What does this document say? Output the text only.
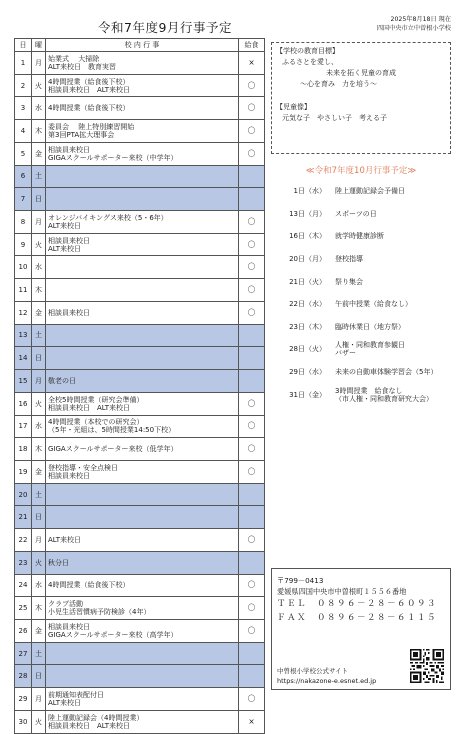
令和7年度9月行事予定
2025年8月18日 現在
四国中央市立中曽根小学校
日	曜	校 内 行 事	給食
1	月	始業式　 大掃除
ALT来校日　教育実習	×
2	火	4時間授業（給食後下校）
相談員来校日　ALT来校日	〇
3	水	4時間授業（給食後下校）	〇
4	木	委員会　 陸上特別練習開始
第3回PTA拡大理事会	〇
5	金	相談員来校日
GIGAスクールサポーター来校（中学年）	〇
6	土		
7	日		
8	月	オレンジバイキングス来校（5・6年）
ALT来校日	〇
9	火	相談員来校日
ALT来校日	〇
10	水		〇
11	木		〇
12	金	相談員来校日	〇
13	土		
14	日		
15	月	敬老の日	

16	火	全校5時間授業（研究会準備）
相談員来校日　ALT来校日	〇
17	水	4時間授業（本校での研究会）
（5年・光組は、5時間授業14:50下校）	〇
18	木	GIGAスクールサポーター来校（低学年）	〇
19	金	登校指導・安全点検日
相談員来校日	〇
20	土		
21	日		
22	月	ALT来校日	〇
23	火	秋分日	

24	水	4時間授業（給食後下校）	〇
25	木	クラブ活動
小児生活習慣病予防検診（4年）	〇
26	金	相談員来校日
GIGAスクールサポーター来校（高学年）	〇
27	土		
28	日		
29	月	前期通知表配付日
ALT来校日	〇
30	火	陸上運動記録会（4時間授業）
相談員来校日　ALT来校日	×
【学校の教育目標】
ふるさとを愛し、
未来を拓く児童の育成
～心を育み　力を培う～
【児童像】
元気な子　やさしい子　考える子
≪令和7年度10月行事予定≫
1日（水） 陸上運動記録会予備日
13日（月） スポーツの日
16日（木） 就学時健康診断
20日（月） 登校指導
21日（火） 祭り集会
22日（水） 午前中授業（給食なし）
23日（木） 臨時休業日（地方祭）
28日（火） 人権・同和教育参観日
バザー
29日（水） 未来の自動車体験学習会（5年）
31日（金） 3時間授業　給食なし
（市人権・同和教育研究大会）
〒799－0413
愛媛県四国中央市中曽根町１５５６番地
ＴＥＬ　０８９６－２８－６０９３
ＦＡＸ　０８９６－２８－６１１５
中曽根小学校公式サイト
https://nakazone-e.esnet.ed.jp
